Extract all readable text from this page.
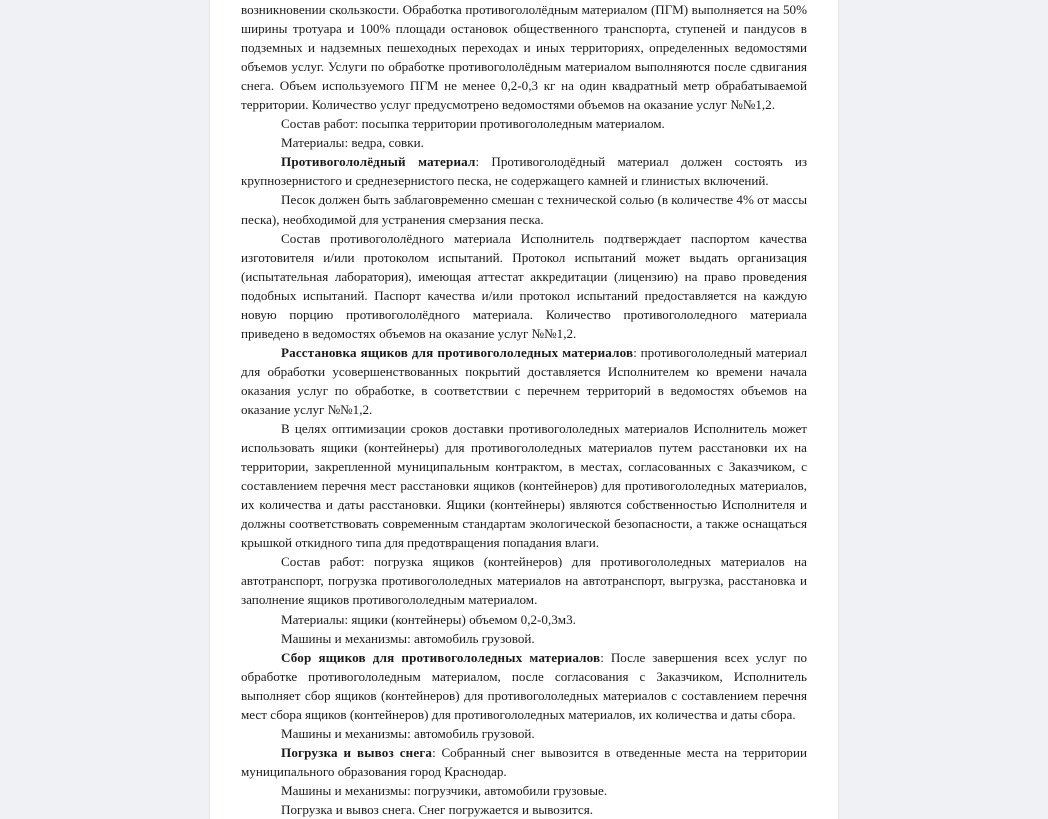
возникновении скользкости. Обработка противогололёдным материалом (ПГМ) выполняется на 50% ширины тротуара и 100% площади остановок общественного транспорта, ступеней и пандусов в подземных и надземных пешеходных переходах и иных территориях, определенных ведомостями объемов услуг. Услуги по обработке противогололёдным материалом выполняются после сдвигания снега. Объем используемого ПГМ не менее 0,2-0,3 кг на один квадратный метр обрабатываемой территории. Количество услуг предусмотрено ведомостями объемов на оказание услуг №№1,2.

Состав работ: посыпка территории противогололедным материалом.

Материалы: ведра, совки.

Противогололёдный материал: Противоголодёдный материал должен состоять из крупнозернистого и среднезернистого песка, не содержащего камней и глинистых включений.

Песок должен быть заблаговременно смешан с технической солью (в количестве 4% от массы песка), необходимой для устранения смерзания песка.

Состав противогололёдного материала Исполнитель подтверждает паспортом качества изготовителя и/или протоколом испытаний. Протокол испытаний может выдать организация (испытательная лаборатория), имеющая аттестат аккредитации (лицензию) на право проведения подобных испытаний. Паспорт качества и/или протокол испытаний предоставляется на каждую новую порцию противогололёдного материала. Количество противогололедного материала приведено в ведомостях объемов на оказание услуг №№1,2.

Расстановка ящиков для противогололедных материалов: противогололедный материал для обработки усовершенствованных покрытий доставляется Исполнителем ко времени начала оказания услуг по обработке, в соответствии с перечнем территорий в ведомостях объемов на оказание услуг №№1,2.

В целях оптимизации сроков доставки противогололедных материалов Исполнитель может использовать ящики (контейнеры) для противогололедных материалов путем расстановки их на территории, закрепленной муниципальным контрактом, в местах, согласованных с Заказчиком, с составлением перечня мест расстановки ящиков (контейнеров) для противогололедных материалов, их количества и даты расстановки. Ящики (контейнеры) являются собственностью Исполнителя и должны соответствовать современным стандартам экологической безопасности, а также оснащаться крышкой откидного типа для предотвращения попадания влаги.

Состав работ: погрузка ящиков (контейнеров) для противогололедных материалов на автотранспорт, погрузка противогололедных материалов на автотранспорт, выгрузка, расстановка и заполнение ящиков противогололедным материалом.

Материалы: ящики (контейнеры) объемом 0,2-0,3м3.

Машины и механизмы: автомобиль грузовой.

Сбор ящиков для противогололедных материалов: После завершения всех услуг по обработке противогололедным материалом, после согласования с Заказчиком, Исполнитель выполняет сбор ящиков (контейнеров) для противогололедных материалов с составлением перечня мест сбора ящиков (контейнеров) для противогололедных материалов, их количества и даты сбора.

Машины и механизмы: автомобиль грузовой.

Погрузка и вывоз снега: Собранный снег вывозится в отведенные места на территории муниципального образования город Краснодар.

Машины и механизмы: погрузчики, автомобили грузовые.

Погрузка и вывоз снега. Снег погружается и вывозится.
